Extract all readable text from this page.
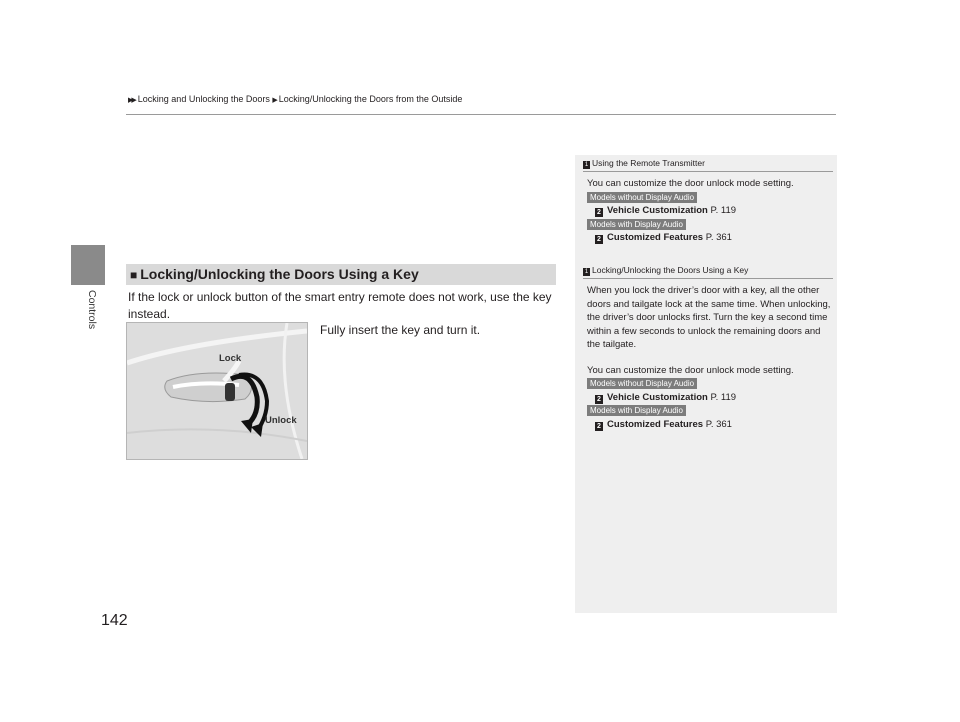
Controls
142
▶▶ Locking and Unlocking the Doors ▶ Locking/Unlocking the Doors from the Outside
■ Locking/Unlocking the Doors Using a Key
If the lock or unlock button of the smart entry remote does not work, use the key instead.
Fully insert the key and turn it.
Lock
Unlock
1 Using the Remote Transmitter
You can customize the door unlock mode setting.
Models without Display Audio
2 Vehicle Customization P. 119
Models with Display Audio
2 Customized Features P. 361
1 Locking/Unlocking the Doors Using a Key
When you lock the driver’s door with a key, all the other doors and tailgate lock at the same time. When unlocking, the driver’s door unlocks first. Turn the key a second time within a few seconds to unlock the remaining doors and the tailgate.
You can customize the door unlock mode setting.
Models without Display Audio
2 Vehicle Customization P. 119
Models with Display Audio
2 Customized Features P. 361
